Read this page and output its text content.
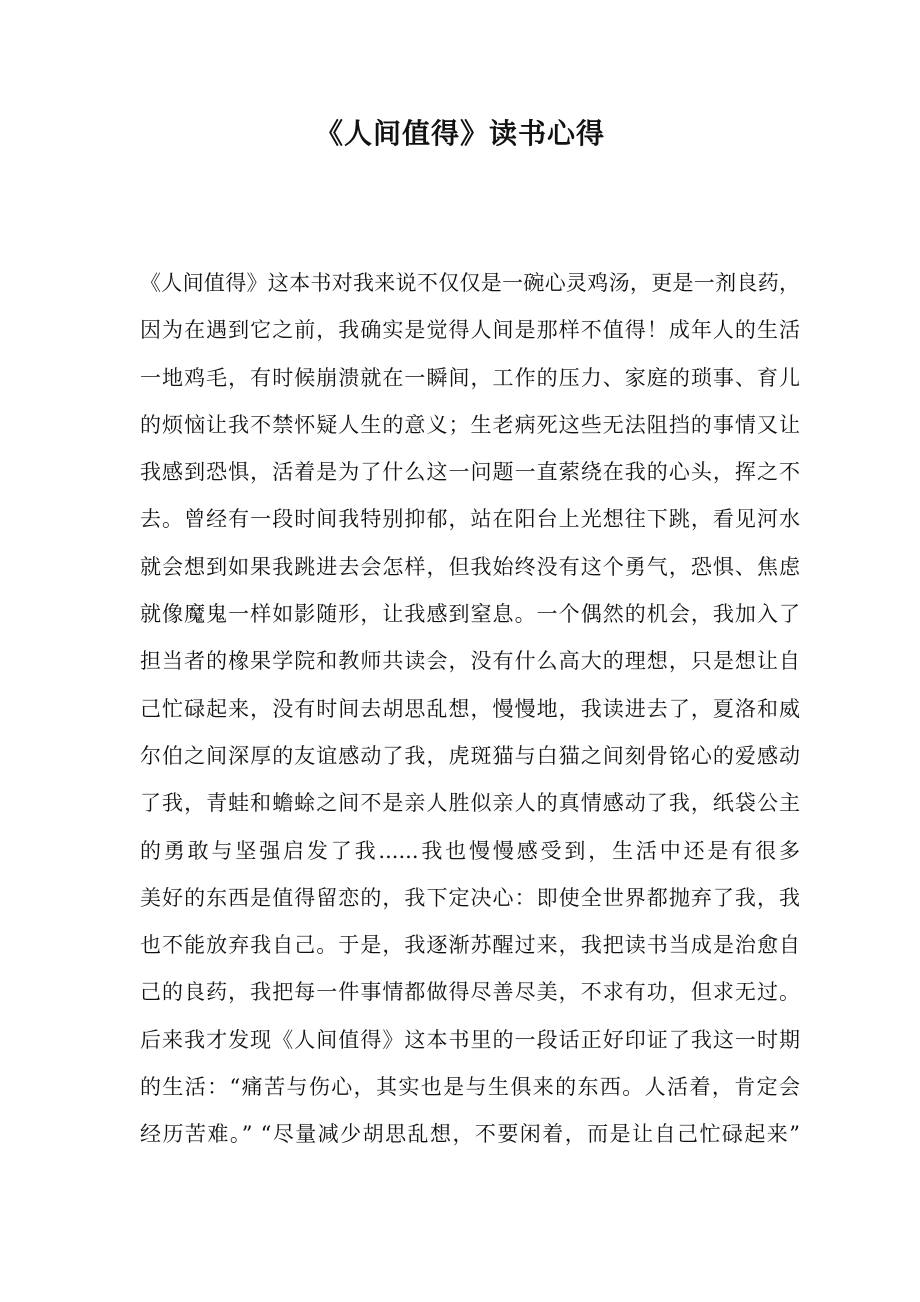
《人间值得》读书心得
《人间值得》这本书对我来说不仅仅是一碗心灵鸡汤，更是一剂良药，
因为在遇到它之前，我确实是觉得人间是那样不值得！成年人的生活
一地鸡毛，有时候崩溃就在一瞬间，工作的压力、家庭的琐事、育儿
的烦恼让我不禁怀疑人生的意义；生老病死这些无法阻挡的事情又让
我感到恐惧，活着是为了什么这一问题一直萦绕在我的心头，挥之不
去。曾经有一段时间我特别抑郁，站在阳台上光想往下跳，看见河水
就会想到如果我跳进去会怎样，但我始终没有这个勇气，恐惧、焦虑
就像魔鬼一样如影随形，让我感到窒息。一个偶然的机会，我加入了
担当者的橡果学院和教师共读会，没有什么高大的理想，只是想让自
己忙碌起来，没有时间去胡思乱想，慢慢地，我读进去了，夏洛和威
尔伯之间深厚的友谊感动了我，虎斑猫与白猫之间刻骨铭心的爱感动
了我，青蛙和蟾蜍之间不是亲人胜似亲人的真情感动了我，纸袋公主
的勇敢与坚强启发了我......我也慢慢感受到，生活中还是有很多
美好的东西是值得留恋的，我下定决心：即使全世界都抛弃了我，我
也不能放弃我自己。于是，我逐渐苏醒过来，我把读书当成是治愈自
己的良药，我把每一件事情都做得尽善尽美，不求有功，但求无过。
后来我才发现《人间值得》这本书里的一段话正好印证了我这一时期
的生活：“痛苦与伤心，其实也是与生俱来的东西。人活着，肯定会
经历苦难。” “尽量减少胡思乱想，不要闲着，而是让自己忙碌起来”
